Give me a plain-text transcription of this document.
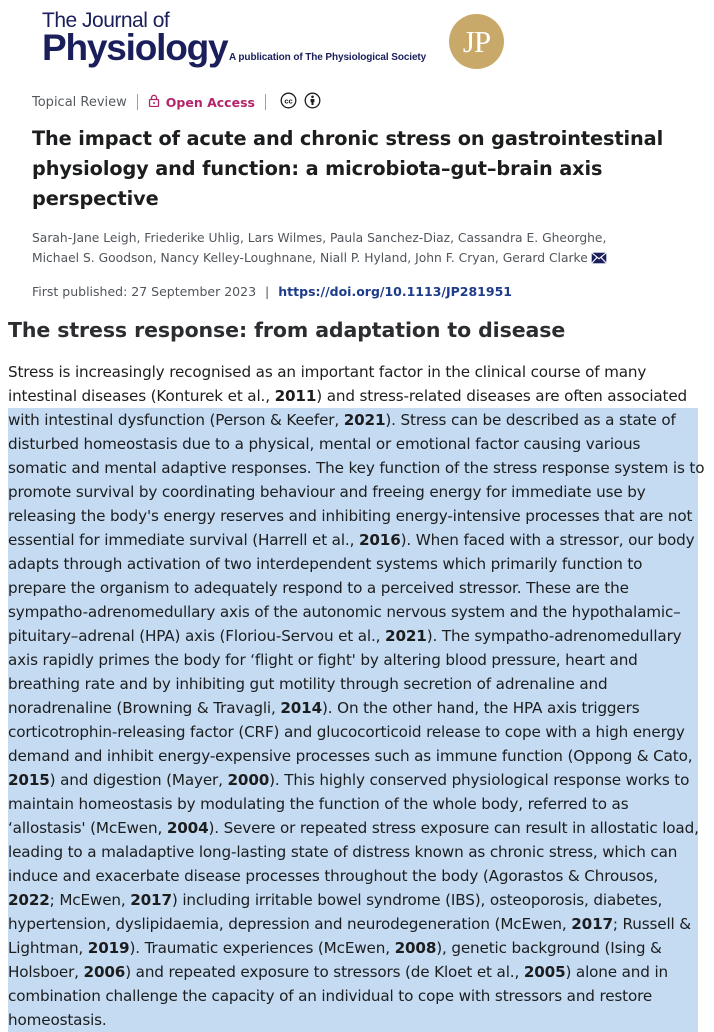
The Journal of
Physiology A publication of The Physiological Society	JP
Topical Review	Open Access	cc
The impact of acute and chronic stress on gastrointestinal physiology and function: a microbiota–gut–brain axis perspective
Sarah-Jane Leigh, Friederike Uhlig, Lars Wilmes, Paula Sanchez-Diaz, Cassandra E. Gheorghe,
Michael S. Goodson, Nancy Kelley-Loughnane, Niall P. Hyland, John F. Cryan, Gerard Clarke
First published:
27 September 2023 | https://doi.org/10.1113/JP281951
The stress response: from adaptation to disease
Stress is increasingly recognised as an important factor in the clinical course of many
intestinal diseases (Konturek et al., 2011) and stress-related diseases are often associated
with intestinal dysfunction (Person & Keefer, 2021). Stress can be described as a state of
disturbed homeostasis due to a physical, mental or emotional factor causing various
somatic and mental adaptive responses. The key function of the stress response system is to
promote survival by coordinating behaviour and freeing energy for immediate use by
releasing the body's energy reserves and inhibiting energy-intensive processes that are not
essential for immediate survival (Harrell et al., 2016). When faced with a stressor, our body
adapts through activation of two interdependent systems which primarily function to
prepare the organism to adequately respond to a perceived stressor. These are the
sympatho-adrenomedullary axis of the autonomic nervous system and the hypothalamic–
pituitary–adrenal (HPA) axis (Floriou-Servou et al., 2021). The sympatho-adrenomedullary
axis rapidly primes the body for ‘flight or fight' by altering blood pressure, heart and
breathing rate and by inhibiting gut motility through secretion of adrenaline and
noradrenaline (Browning & Travagli, 2014). On the other hand, the HPA axis triggers
corticotrophin-releasing factor (CRF) and glucocorticoid release to cope with a high energy
demand and inhibit energy-expensive processes such as immune function (Oppong & Cato,
2015) and digestion (Mayer, 2000). This highly conserved physiological response works to
maintain homeostasis by modulating the function of the whole body, referred to as
‘allostasis' (McEwen, 2004). Severe or repeated stress exposure can result in allostatic load,
leading to a maladaptive long-lasting state of distress known as chronic stress, which can
induce and exacerbate disease processes throughout the body (Agorastos & Chrousos,
2022; McEwen, 2017) including irritable bowel syndrome (IBS), osteoporosis, diabetes,
hypertension, dyslipidaemia, depression and neurodegeneration (McEwen, 2017; Russell &
Lightman, 2019). Traumatic experiences (McEwen, 2008), genetic background (Ising &
Holsboer, 2006) and repeated exposure to stressors (de Kloet et al., 2005) alone and in
combination challenge the capacity of an individual to cope with stressors and restore
homeostasis.
